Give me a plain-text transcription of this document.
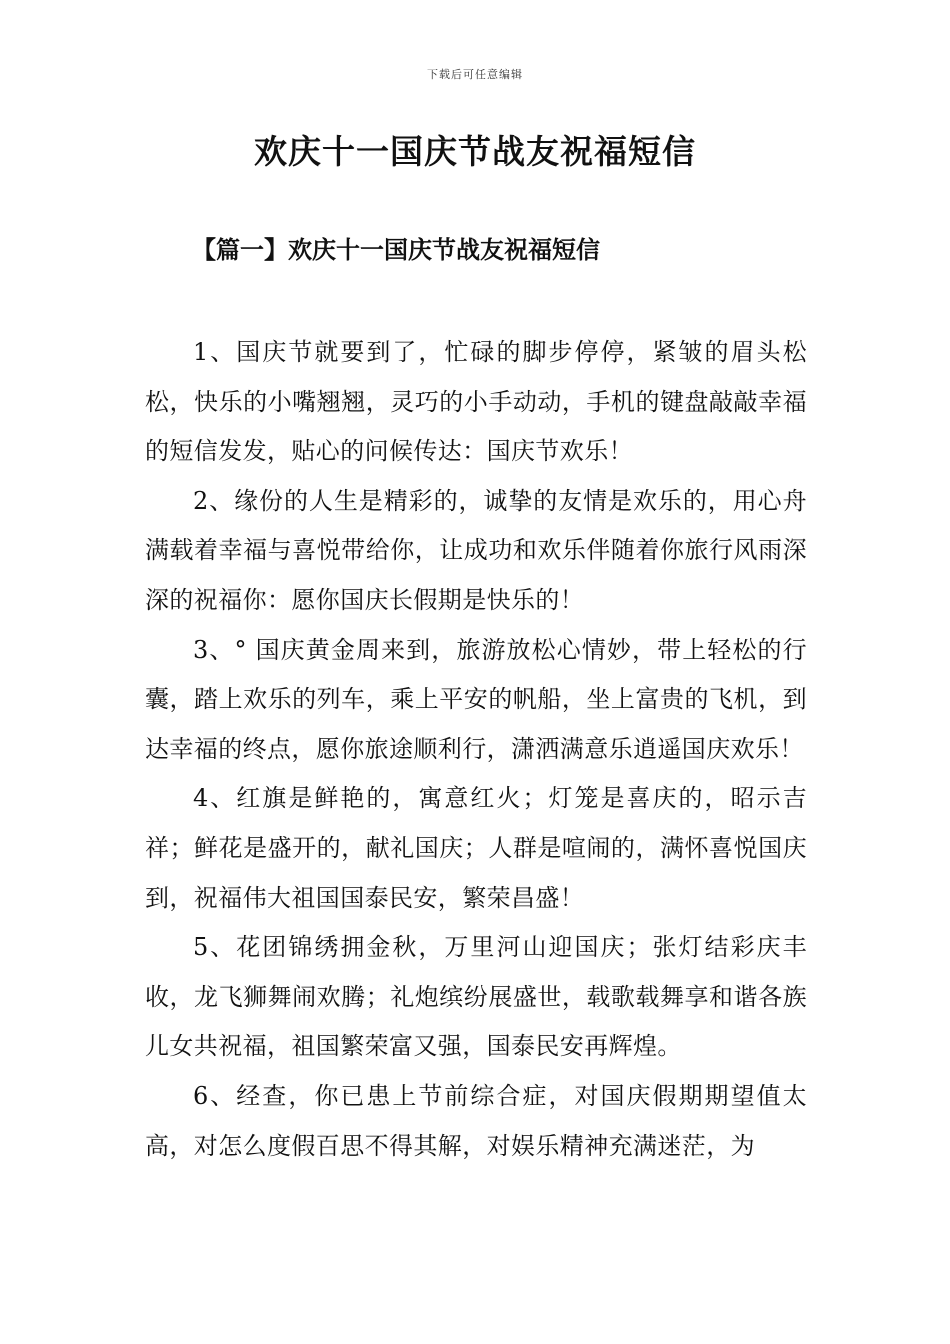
下载后可任意编辑
欢庆十一国庆节战友祝福短信
【篇一】欢庆十一国庆节战友祝福短信

1、国庆节就要到了，忙碌的脚步停停，紧皱的眉头松松，快乐的小嘴翘翘，灵巧的小手动动，手机的键盘敲敲幸福的短信发发，贴心的问候传达：国庆节欢乐！

2、缘份的人生是精彩的，诚挚的友情是欢乐的，用心舟满载着幸福与喜悦带给你，让成功和欢乐伴随着你旅行风雨深深的祝福你：愿你国庆长假期是快乐的！

3、° 国庆黄金周来到，旅游放松心情妙，带上轻松的行囊，踏上欢乐的列车，乘上平安的帆船，坐上富贵的飞机，到达幸福的终点，愿你旅途顺利行，潇洒满意乐逍遥国庆欢乐！

4、红旗是鲜艳的，寓意红火；灯笼是喜庆的，昭示吉祥；鲜花是盛开的，献礼国庆；人群是喧闹的，满怀喜悦国庆到，祝福伟大祖国国泰民安，繁荣昌盛！

5、花团锦绣拥金秋，万里河山迎国庆；张灯结彩庆丰收，龙飞狮舞闹欢腾；礼炮缤纷展盛世，载歌载舞享和谐各族儿女共祝福，祖国繁荣富又强，国泰民安再辉煌。

6、经查，你已患上节前综合症，对国庆假期期望值太高，对怎么度假百思不得其解，对娱乐精神充满迷茫，为
